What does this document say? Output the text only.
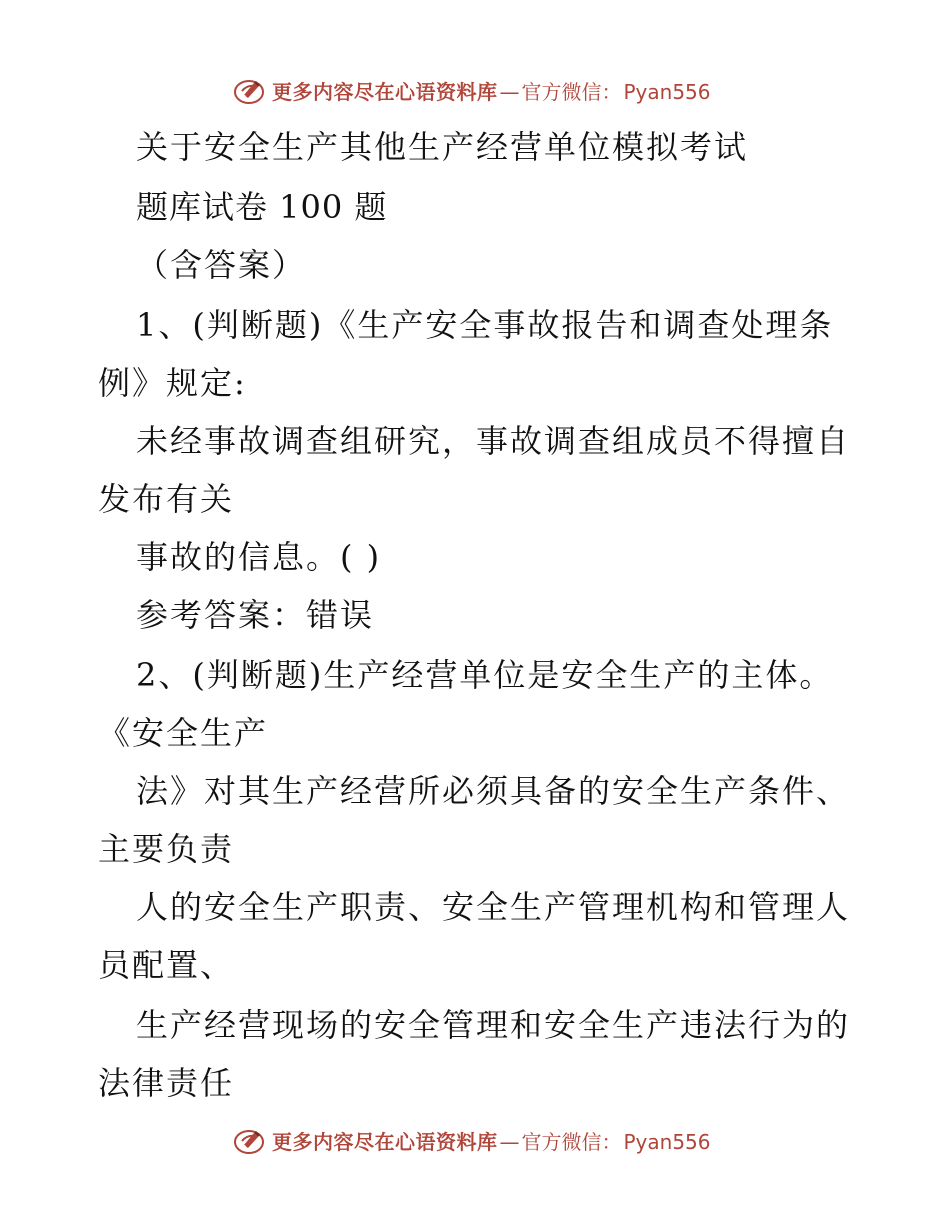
更多内容尽在心语资料库 — 官方微信： Pyan556

关于安全生产其他生产经营单位模拟考试

题库试卷 100 题

（含答案）

1、(判断题)《生产安全事故报告和调查处理条

例》规定:

未经事故调查组研究，事故调查组成员不得擅自

发布有关

事故的信息。( )

参考答案：错误

2、(判断题)生产经营单位是安全生产的主体。

《安全生产

法》对其生产经营所必须具备的安全生产条件、

主要负责

人的安全生产职责、安全生产管理机构和管理人

员配置、

生产经营现场的安全管理和安全生产违法行为的

法律责任

更多内容尽在心语资料库 — 官方微信： Pyan556
